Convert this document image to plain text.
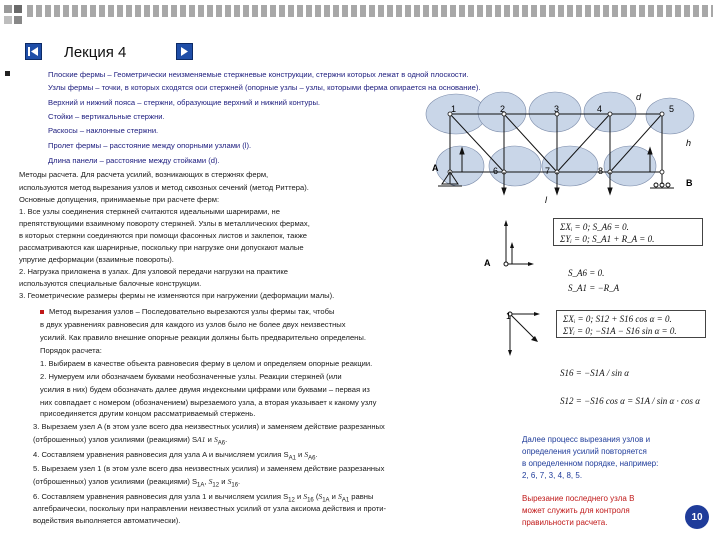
Лекция 4
Плоские фермы – Геометрически неизменяемые стержневые конструкции, стержни которых лежат в одной плоскости.
Узлы фермы – точки, в которых сходятся оси стержней (опорные узлы – узлы, которыми ферма опирается на основание).
Верхний и нижний пояса – стержни, образующие верхний и нижний контуры.
Стойки – вертикальные стержни.
Раскосы – наклонные стержни.
Пролет фермы – расстояние между опорными узлами (l).
Длина панели – расстояние между стойками (d).
Методы расчета. Для расчета усилий, возникающих в стержнях ферм,
используются метод вырезания узлов и метод сквозных сечений (метод Риттера).
Основные допущения, принимаемые при расчете ферм:
1. Все узлы соединения стержней считаются идеальными шарнирами, не
препятствующими взаимному повороту стержней. Узлы в металлических фермах,
в которых стержни соединяются при помощи фасонных листов и заклепок, также
рассматриваются как шарнирные, поскольку при нагрузке они допускают малые
упругие деформации (взаимные повороты).
2. Нагрузка приложена в узлах. Для узловой передачи нагрузки на практике
используются специальные балочные конструкции.
3. Геометрические размеры фермы не изменяются при нагружении (деформации малы).
Метод вырезания узлов – Последовательно вырезаются узлы фермы так, чтобы
в двух уравнениях равновесия для каждого из узлов было не более двух неизвестных
усилий. Как правило внешние опорные реакции должны быть предварительно определены.
Порядок расчета:
1. Выбираем в качестве объекта равновесия ферму в целом и определяем опорные реакции.
2. Нумеруем или обозначаем буквами необозначенные узлы. Реакции стержней (или
усилия в них) будем обозначать далее двумя индексными цифрами или буквами – первая из
них совпадает с номером (обозначением) вырезаемого узла, а вторая указывает к какому узлу
присоединяется другим концом рассматриваемый стержень.
3. Вырезаем узел A (в этом узле всего два неизвестных усилия) и заменяем действие разрезанных
(отброшенных) узлов усилиями (реакциями) SA1 и $S_{A6}$.
4. Составляем уравнения равновесия для узла A и вычисляем усилия $S_{A1}$ и $S_{A6}$.
5. Вырезаем узел 1 (в этом узле всего два неизвестных усилия) и заменяем действие разрезанных
(отброшенных) узлов усилиями (реакциями) $S_{1A}$, $S_{12}$ и $S_{16}$.
6. Составляем уравнения равновесия для узла 1 и вычисляем усилия $S_{12}$ и $S_{16}$ ($S_{1A}$ и $S_{A1}$ равны
алгебраически, поскольку при направлении неизвестных усилий от узла аксиома действия и проти-
водействия выполняется автоматически).
Далее процесс вырезания узлов и
определения усилий повторяется
в определенном порядке, например:
2, 6, 7, 3, 4, 8, 5.
Вырезание последнего узла B
может служить для контроля
правильности расчета.	10
1	2	3	4	5
6	7	8
A
B
d
h
l
A
ΣXᵢ = 0; S_A6 = 0.
ΣYᵢ = 0; S_A1 + R_A = 0.
S_A6 = 0.
S_A1 = −R_A
1	ΣXᵢ = 0; S12 + S16 cos α = 0.
ΣYᵢ = 0; −S1A − S16 sin α = 0.
S16 = −S1A / sin α
S12 = −S16 cos α = S1A / sin α · cos α
